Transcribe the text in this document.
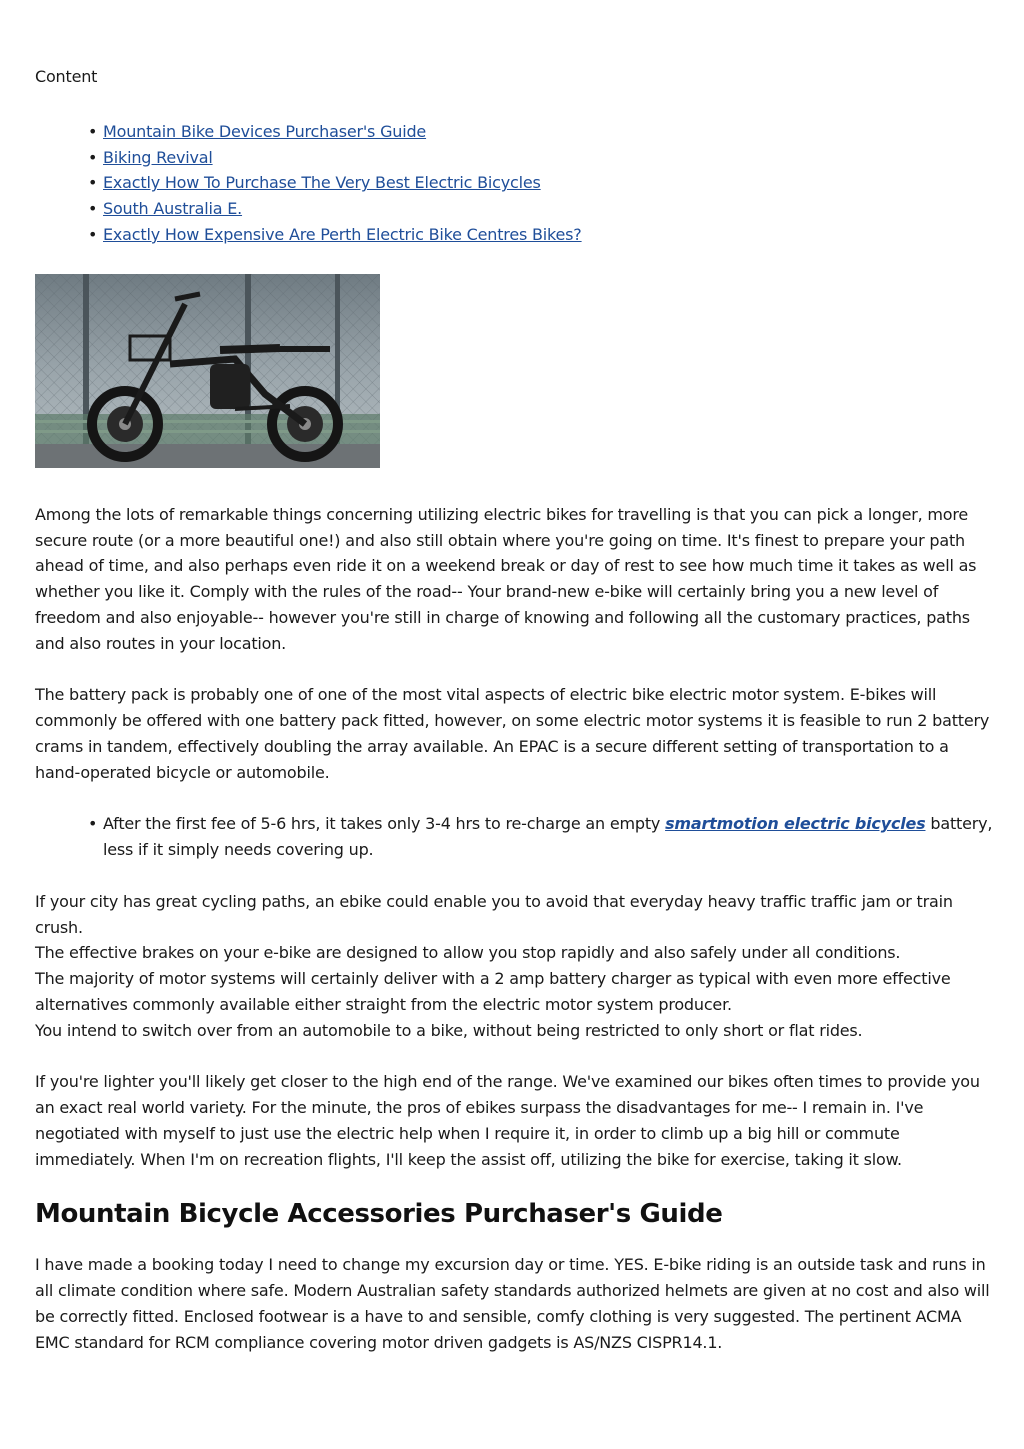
Content
• Mountain Bike Devices Purchaser's Guide
• Biking Revival
• Exactly How To Purchase The Very Best Electric Bicycles
• South Australia E.
• Exactly How Expensive Are Perth Electric Bike Centres Bikes?

Among the lots of remarkable things concerning utilizing electric bikes for travelling is that you can pick a longer, more secure route (or a more beautiful one!) and also still obtain where you're going on time. It's finest to prepare your path ahead of time, and also perhaps even ride it on a weekend break or day of rest to see how much time it takes as well as whether you like it. Comply with the rules of the road-- Your brand-new e-bike will certainly bring you a new level of freedom and also enjoyable-- however you're still in charge of knowing and following all the customary practices, paths and also routes in your location.

The battery pack is probably one of one of the most vital aspects of electric bike electric motor system. E-bikes will commonly be offered with one battery pack fitted, however, on some electric motor systems it is feasible to run 2 battery crams in tandem, effectively doubling the array available. An EPAC is a secure different setting of transportation to a hand-operated bicycle or automobile.

• After the first fee of 5-6 hrs, it takes only 3-4 hrs to re-charge an empty smartmotion electric bicycles battery, less if it simply needs covering up.

If your city has great cycling paths, an ebike could enable you to avoid that everyday heavy traffic traffic jam or train crush.

The effective brakes on your e-bike are designed to allow you stop rapidly and also safely under all conditions.

The majority of motor systems will certainly deliver with a 2 amp battery charger as typical with even more effective alternatives commonly available either straight from the electric motor system producer.

You intend to switch over from an automobile to a bike, without being restricted to only short or flat rides.

If you're lighter you'll likely get closer to the high end of the range. We've examined our bikes often times to provide you an exact real world variety. For the minute, the pros of ebikes surpass the disadvantages for me-- I remain in. I've negotiated with myself to just use the electric help when I require it, in order to climb up a big hill or commute immediately. When I'm on recreation flights, I'll keep the assist off, utilizing the bike for exercise, taking it slow.

Mountain Bicycle Accessories Purchaser's Guide

I have made a booking today I need to change my excursion day or time. YES. E-bike riding is an outside task and runs in all climate condition where safe. Modern Australian safety standards authorized helmets are given at no cost and also will be correctly fitted. Enclosed footwear is a have to and sensible, comfy clothing is very suggested. The pertinent ACMA EMC standard for RCM compliance covering motor driven gadgets is AS/NZS CISPR14.1.
